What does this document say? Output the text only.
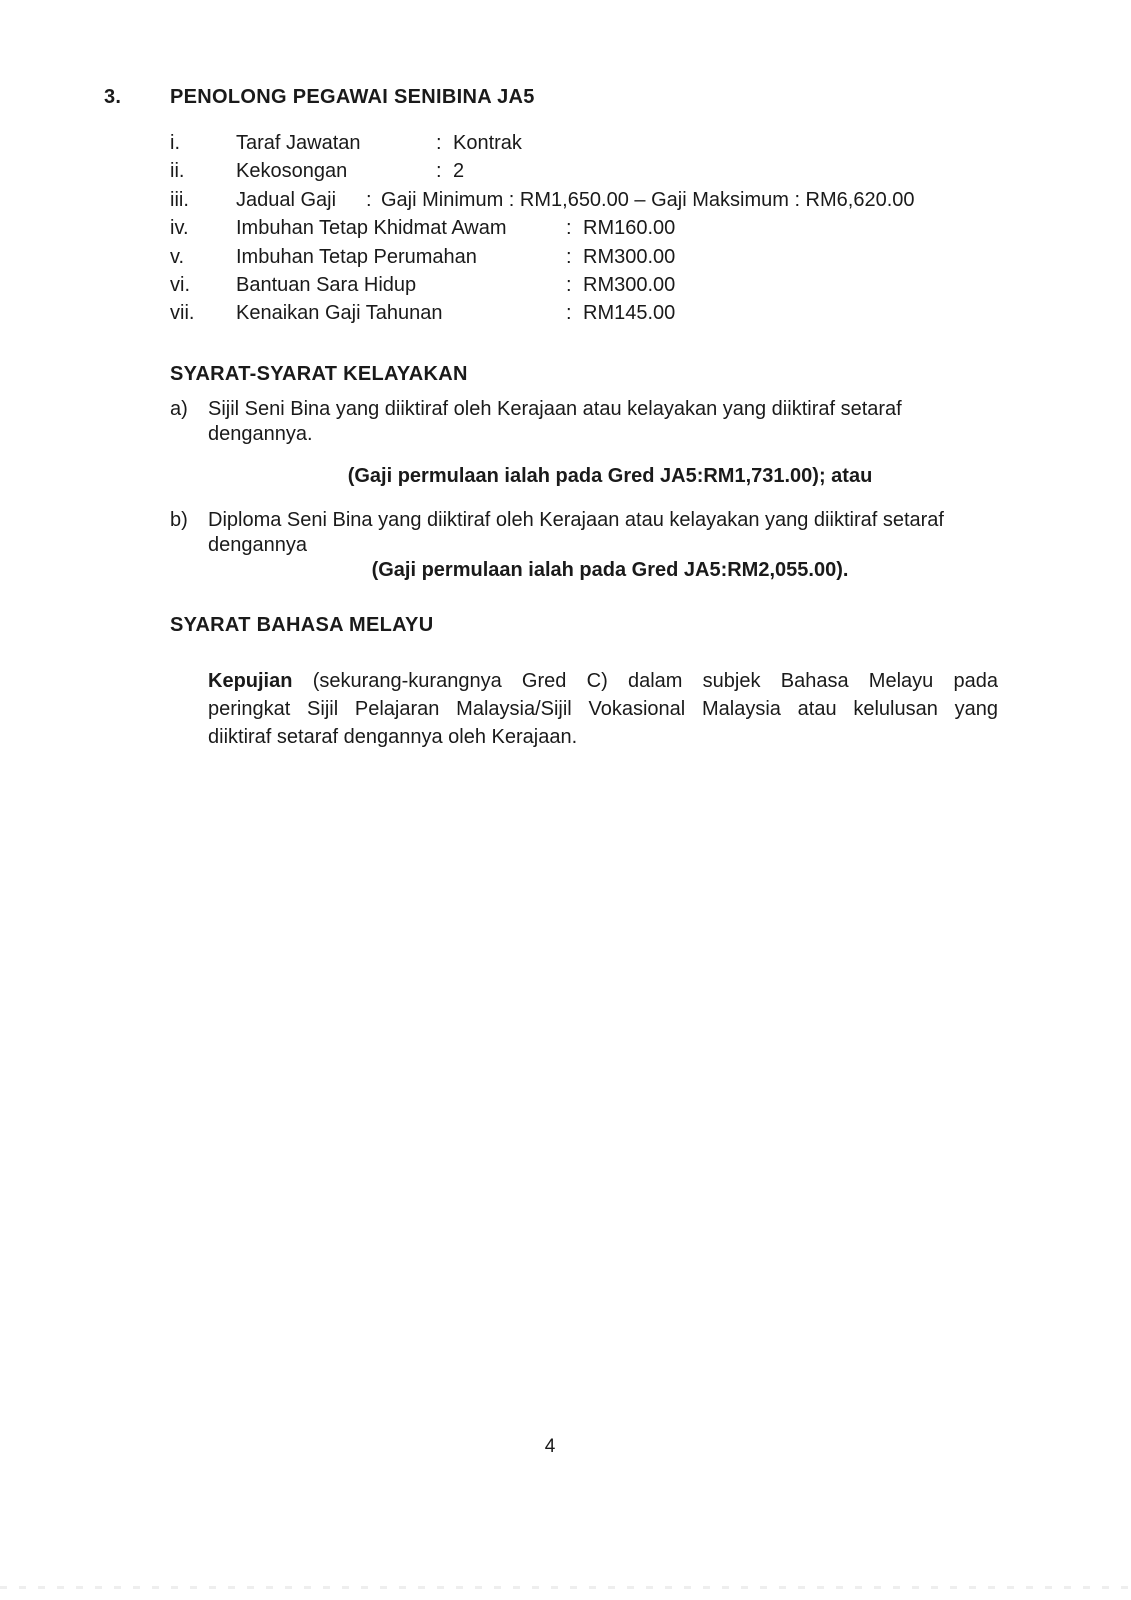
3. PENOLONG PEGAWAI SENIBINA JA5
i.	Taraf Jawatan	: Kontrak
ii.	Kekosongan	: 2
iii. Jadual Gaji : Gaji Minimum : RM1,650.00 – Gaji Maksimum : RM6,620.00
iv. Imbuhan Tetap Khidmat Awam	: RM160.00
v.	Imbuhan Tetap Perumahan	: RM300.00
vi. Bantuan Sara Hidup	: RM300.00
vii. Kenaikan Gaji Tahunan	: RM145.00
SYARAT-SYARAT KELAYAKAN
a) Sijil Seni Bina yang diiktiraf oleh Kerajaan atau kelayakan yang diiktiraf setaraf
dengannya.
(Gaji permulaan ialah pada Gred JA5:RM1,731.00); atau
b) Diploma Seni Bina yang diiktiraf oleh Kerajaan atau kelayakan yang diiktiraf setaraf
dengannya
(Gaji permulaan ialah pada Gred JA5:RM2,055.00).
SYARAT BAHASA MELAYU
Kepujian (sekurang-kurangnya Gred C) dalam subjek Bahasa Melayu pada
peringkat Sijil Pelajaran Malaysia/Sijil Vokasional Malaysia atau kelulusan yang
diiktiraf setaraf dengannya oleh Kerajaan.
4
